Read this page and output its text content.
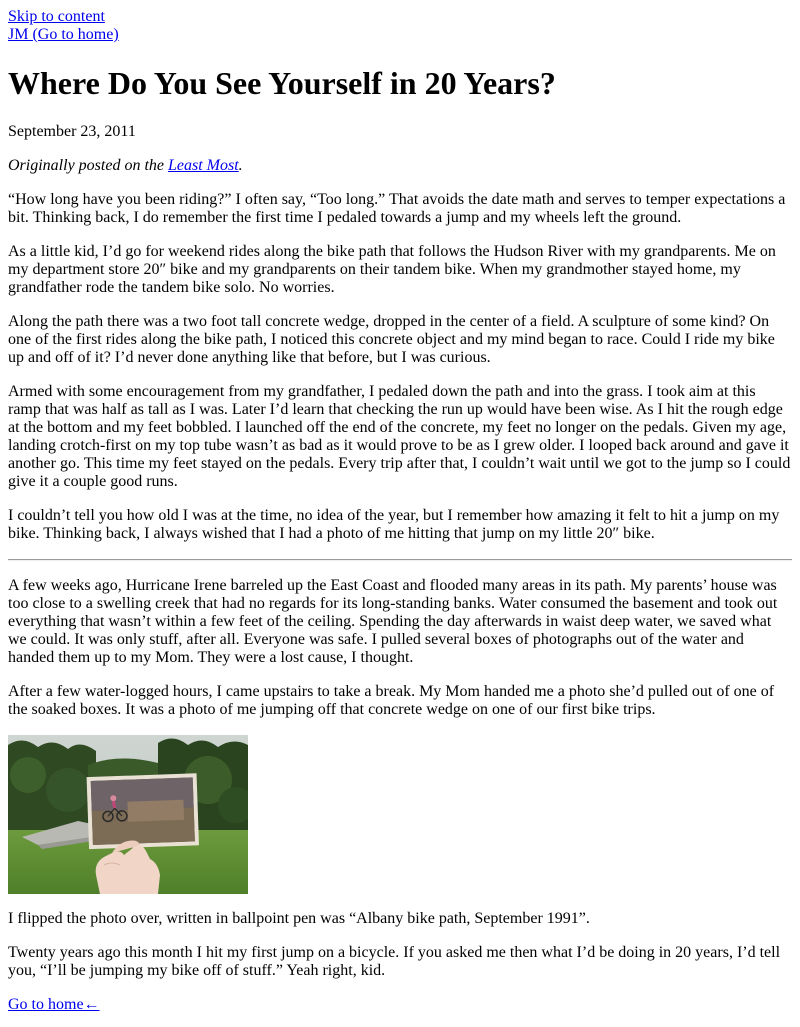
Skip to content
JM (Go to home)
Where Do You See Yourself in 20 Years?

September 23, 2011

Originally posted on the Least Most.

“How long have you been riding?” I often say, “Too long.” That avoids the date math and serves to temper expectations a bit. Thinking back, I do remember the first time I pedaled towards a jump and my wheels left the ground.

As a little kid, I’d go for weekend rides along the bike path that follows the Hudson River with my grandparents. Me on my department store 20″ bike and my grandparents on their tandem bike. When my grandmother stayed home, my grandfather rode the tandem bike solo. No worries.

Along the path there was a two foot tall concrete wedge, dropped in the center of a field. A sculpture of some kind? On one of the first rides along the bike path, I noticed this concrete object and my mind began to race. Could I ride my bike up and off of it? I’d never done anything like that before, but I was curious.

Armed with some encouragement from my grandfather, I pedaled down the path and into the grass. I took aim at this ramp that was half as tall as I was. Later I’d learn that checking the run up would have been wise. As I hit the rough edge at the bottom and my feet bobbled. I launched off the end of the concrete, my feet no longer on the pedals. Given my age, landing crotch-first on my top tube wasn’t as bad as it would prove to be as I grew older. I looped back around and gave it another go. This time my feet stayed on the pedals. Every trip after that, I couldn’t wait until we got to the jump so I could give it a couple good runs.

I couldn’t tell you how old I was at the time, no idea of the year, but I remember how amazing it felt to hit a jump on my bike. Thinking back, I always wished that I had a photo of me hitting that jump on my little 20″ bike.

A few weeks ago, Hurricane Irene barreled up the East Coast and flooded many areas in its path. My parents’ house was too close to a swelling creek that had no regards for its long-standing banks. Water consumed the basement and took out everything that wasn’t within a few feet of the ceiling. Spending the day afterwards in waist deep water, we saved what we could. It was only stuff, after all. Everyone was safe. I pulled several boxes of photographs out of the water and handed them up to my Mom. They were a lost cause, I thought.

After a few water-logged hours, I came upstairs to take a break. My Mom handed me a photo she’d pulled out of one of the soaked boxes. It was a photo of me jumping off that concrete wedge on one of our first bike trips.

I flipped the photo over, written in ballpoint pen was “Albany bike path, September 1991”.

Twenty years ago this month I hit my first jump on a bicycle. If you asked me then what I’d be doing in 20 years, I’d tell you, “I’ll be jumping my bike off of stuff.” Yeah right, kid.

Go to home←
